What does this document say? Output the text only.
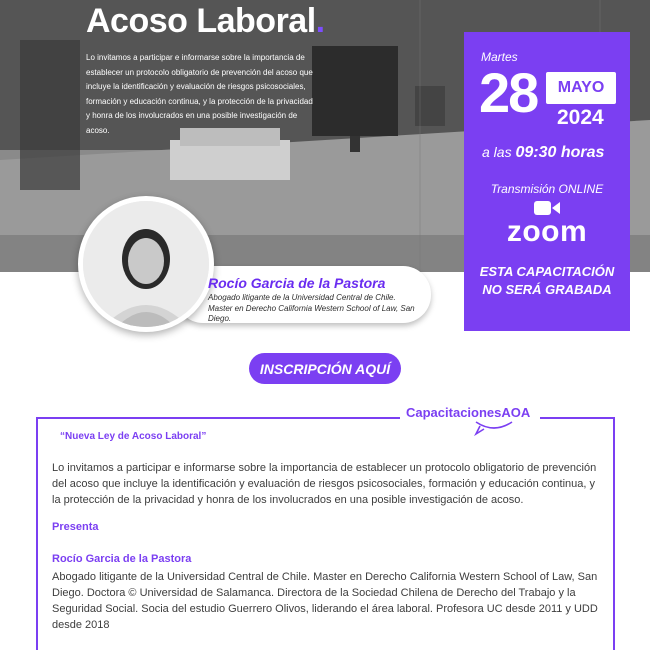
Acoso Laboral.
Lo invitamos a participar e informarse sobre la importancia de establecer un protocolo obligatorio de prevención del acoso que incluye la identificación y evaluación de riesgos psicosociales, formación y educación continua, y la protección de la privacidad y honra de los involucrados en una posible investigación de acoso.
Rocío Garcia de la Pastora
Abogado litigante de la Universidad Central de Chile.
Master en Derecho California Western School of Law, San Diego.
Martes
28	MAYO
2024
a las 09:30 horas
Transmisión ONLINE
zoom
ESTA CAPACITACIÓN
NO SERÁ GRABADA
INSCRIPCIÓN AQUÍ
CapacitacionesAOA
“Nueva Ley de Acoso Laboral”
Lo invitamos a participar e informarse sobre la importancia de establecer un protocolo obligatorio de prevención del acoso que incluye la identificación y evaluación de riesgos psicosociales, formación y educación continua, y la protección de la privacidad y honra de los involucrados en una posible investigación de acoso.
Presenta
Rocío Garcia de la Pastora
Abogado litigante de la Universidad Central de Chile. Master en Derecho California Western School of Law, San Diego. Doctora © Universidad de Salamanca. Directora de la Sociedad Chilena de Derecho del Trabajo y la Seguridad Social. Socia del estudio Guerrero Olivos, liderando el área laboral. Profesora UC desde 2011 y UDD desde 2018
